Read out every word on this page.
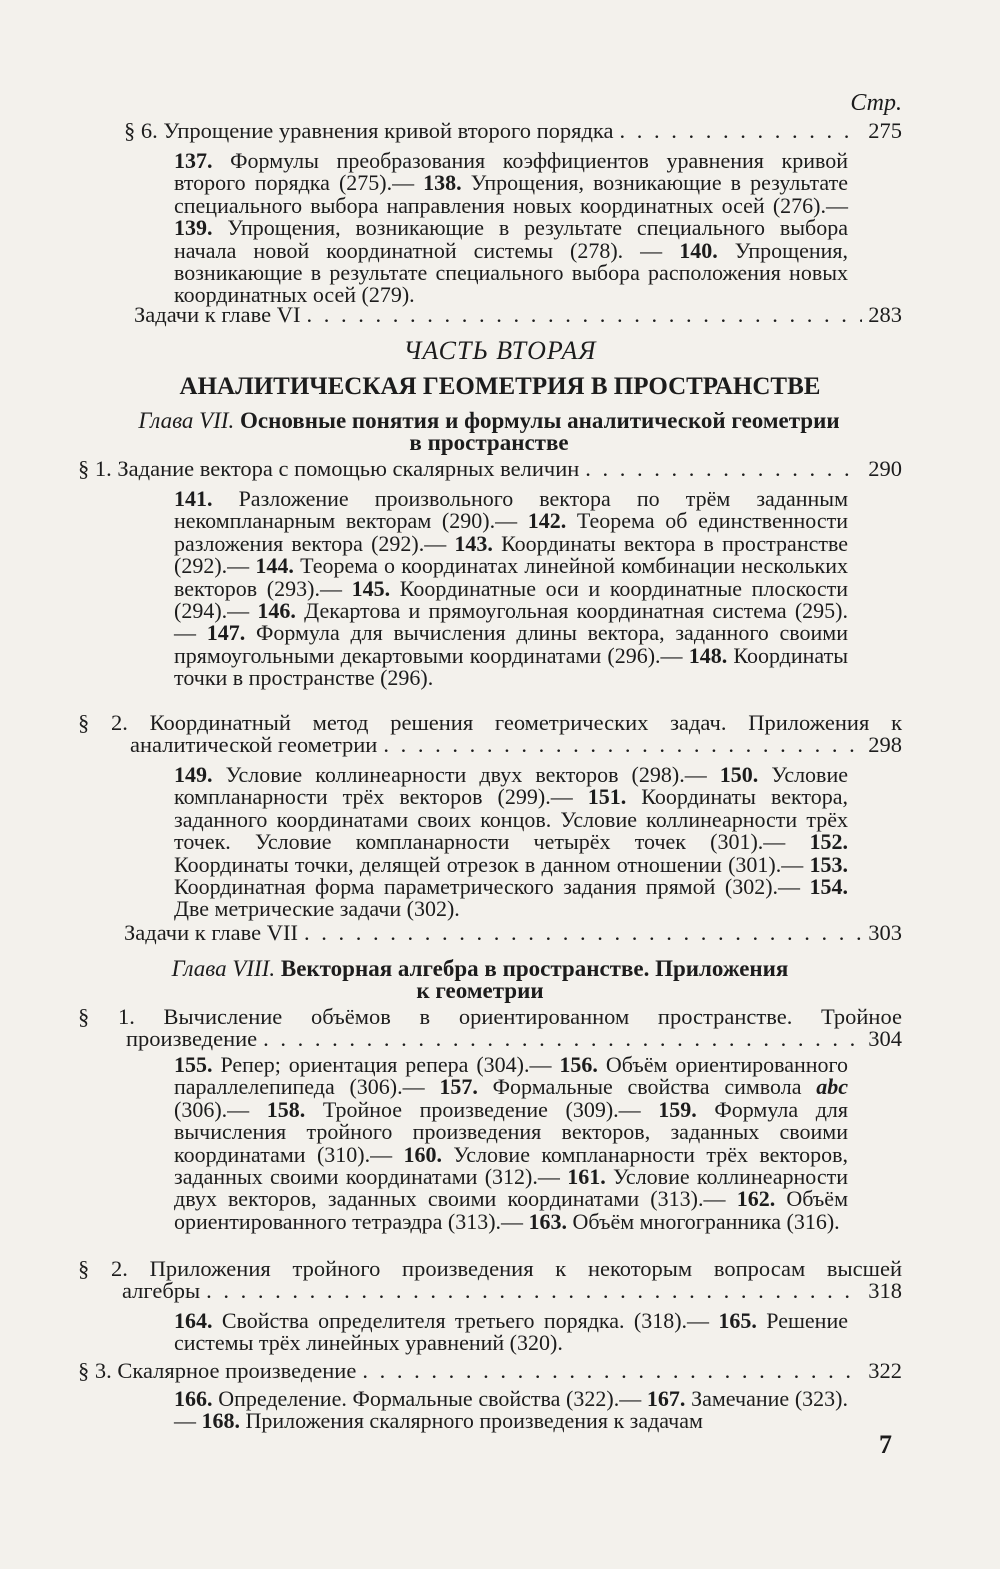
Стр.
§ 6. Упрощение уравнения кривой второго порядка . . .	275
137. Формулы преобразования коэффициентов уравнения кривой второго порядка (275).— 138. Упрощения, возникающие в результате специального выбора направления новых координатных осей (276).— 139. Упрощения, возникающие в результате специального выбора начала новой координатной системы (278). — 140. Упрощения, возникающие в результате специального выбора расположения новых координатных осей (279).
Задачи к главе VI . . .	283
ЧАСТЬ ВТОРАЯ
АНАЛИТИЧЕСКАЯ ГЕОМЕТРИЯ В ПРОСТРАНСТВЕ
Глава VII. Основные понятия и формулы аналитической геометрии
в пространстве
§ 1. Задание вектора с помощью скалярных величин . . .	290
141. Разложение произвольного вектора по трём заданным некомпланарным векторам (290).— 142. Теорема об единственности разложения вектора (292).— 143. Координаты вектора в пространстве (292).— 144. Теорема о координатах линейной комбинации нескольких векторов (293).— 145. Координатные оси и координатные плоскости (294).— 146. Декартова и прямоугольная координатная система (295).— 147. Формула для вычисления длины вектора, заданного своими прямоугольными декартовыми координатами (296).— 148. Координаты точки в пространстве (296).
§ 2. Координатный метод решения геометрических задач. Приложения к
аналитической геометрии . . .	298
149. Условие коллинеарности двух векторов (298).— 150. Условие компланарности трёх векторов (299).— 151. Координаты вектора, заданного координатами своих концов. Условие коллинеарности трёх точек. Условие компланарности четырёх точек (301).— 152. Координаты точки, делящей отрезок в данном отношении (301).— 153. Координатная форма параметрического задания прямой (302).— 154. Две метрические задачи (302).
Задачи к главе VII . . .	303
Глава VIII. Векторная алгебра в пространстве. Приложения
к геометрии
§ 1. Вычисление объёмов в ориентированном пространстве. Тройное
произведение . . .	304
155. Репер; ориентация репера (304).— 156. Объём ориентированного параллелепипеда (306).— 157. Формальные свойства символа abc (306).— 158. Тройное произведение (309).— 159. Формула для вычисления тройного произведения векторов, заданных своими координатами (310).— 160. Условие компланарности трёх векторов, заданных своими координатами (312).— 161. Условие коллинеарности двух векторов, заданных своими координатами (313).— 162. Объём ориентированного тетраэдра (313).— 163. Объём многогранника (316).
§ 2. Приложения тройного произведения к некоторым вопросам высшей
алгебры . . .	318
164. Свойства определителя третьего порядка. (318).— 165. Решение системы трёх линейных уравнений (320).
§ 3. Скалярное произведение . . .	322
166. Определение. Формальные свойства (322).— 167. Замечание (323).— 168. Приложения скалярного произведения к задачам
7
